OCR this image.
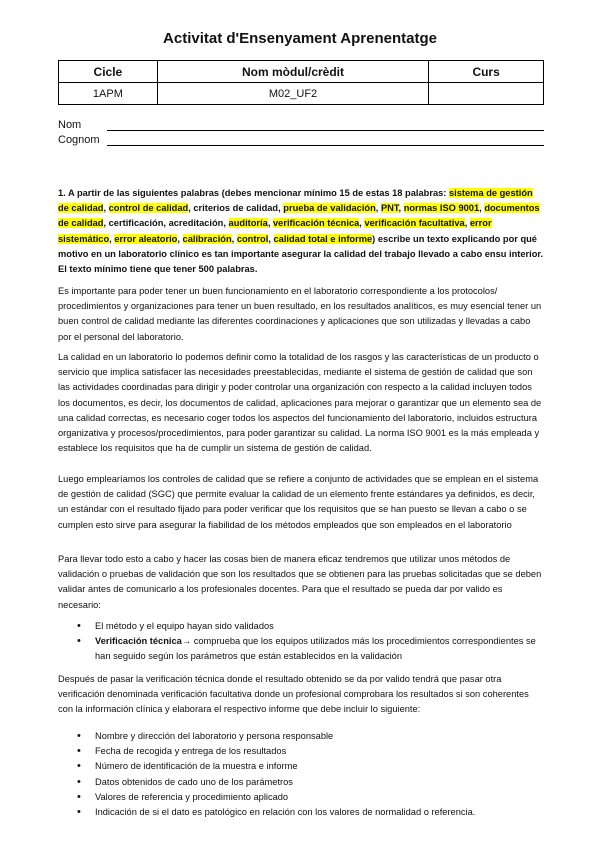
Activitat d'Ensenyament Aprenentatge
Cicle	Nom mòdul/crèdit	Curs
1APM	M02_UF2	
Nom
Cognom
1. A partir de las siguientes palabras (debes mencionar mínimo 15 de estas 18 palabras: sistema de gestión de calidad, control de calidad, criterios de calidad, prueba de validación, PNT, normas ISO 9001, documentos de calidad, certificación, acreditación, auditoría, verificación técnica, verificación facultativa, error sistemático, error aleatorio, calibración, control, calidad total e informe) escribe un texto explicando por qué motivo en un laboratorio clínico es tan importante asegurar la calidad del trabajo llevado a cabo ensu interior. El texto mínimo tiene que tener 500 palabras.
Es importante para poder tener un buen funcionamiento en el laboratorio correspondiente a los protocolos/ procedimientos y organizaciones para tener un buen resultado, en los resultados analíticos, es muy esencial tener un buen control de calidad mediante las diferentes coordinaciones y aplicaciones que son utilizadas y llevadas a cabo por el personal del laboratorio.
La calidad en un laboratorio lo podemos definir como la totalidad de los rasgos y las características de un producto o servicio que implica satisfacer las necesidades preestablecidas, mediante el sistema de gestión de calidad que son las actividades coordinadas para dirigir y poder controlar una organización con respecto a la calidad incluyen todos los documentos, es decir, los documentos de calidad, aplicaciones para mejorar o garantizar que un elemento sea de una calidad correctas, es necesario coger todos los aspectos del funcionamiento del laboratorio, incluidos estructura organizativa y procesos/procedimientos, para poder garantizar su calidad. La norma ISO 9001 es la más empleada y establece los requisitos que ha de cumplir un sistema de gestión de calidad.
Luego emplearíamos los controles de calidad que se refiere a conjunto de actividades que se emplean en el sistema de gestión de calidad (SGC) que permite evaluar la calidad de un elemento frente estándares ya definidos, es decir, un estándar con el resultado fijado para poder verificar que los requisitos que se han puesto se llevan a cabo o se cumplen esto sirve para asegurar la fiabilidad de los métodos empleados que son empleados en el laboratorio
Para llevar todo esto a cabo y hacer las cosas bien de manera eficaz tendremos que utilizar unos métodos de validación o pruebas de validación que son los resultados que se obtienen para las pruebas solicitadas que se deben validar antes de comunicarlo a los profesionales docentes. Para que el resultado se pueda dar por valido es necesario:
• El método y el equipo hayan sido validados
• Verificación técnica→ comprueba que los equipos utilizados más los procedimientos correspondientes se han seguido según los parámetros que están establecidos en la validación
Después de pasar la verificación técnica donde el resultado obtenido se da por valido tendrá que pasar otra verificación denominada verificación facultativa donde un profesional comprobara los resultados si son coherentes con la información clínica y elaborara el respectivo informe que debe incluir lo siguiente:
• Nombre y dirección del laboratorio y persona responsable
• Fecha de recogida y entrega de los resultados
• Número de identificación de la muestra e informe
• Datos obtenidos de cado uno de los parámetros
• Valores de referencia y procedimiento aplicado
• Indicación de si el dato es patológico en relación con los valores de normalidad o referencia.
